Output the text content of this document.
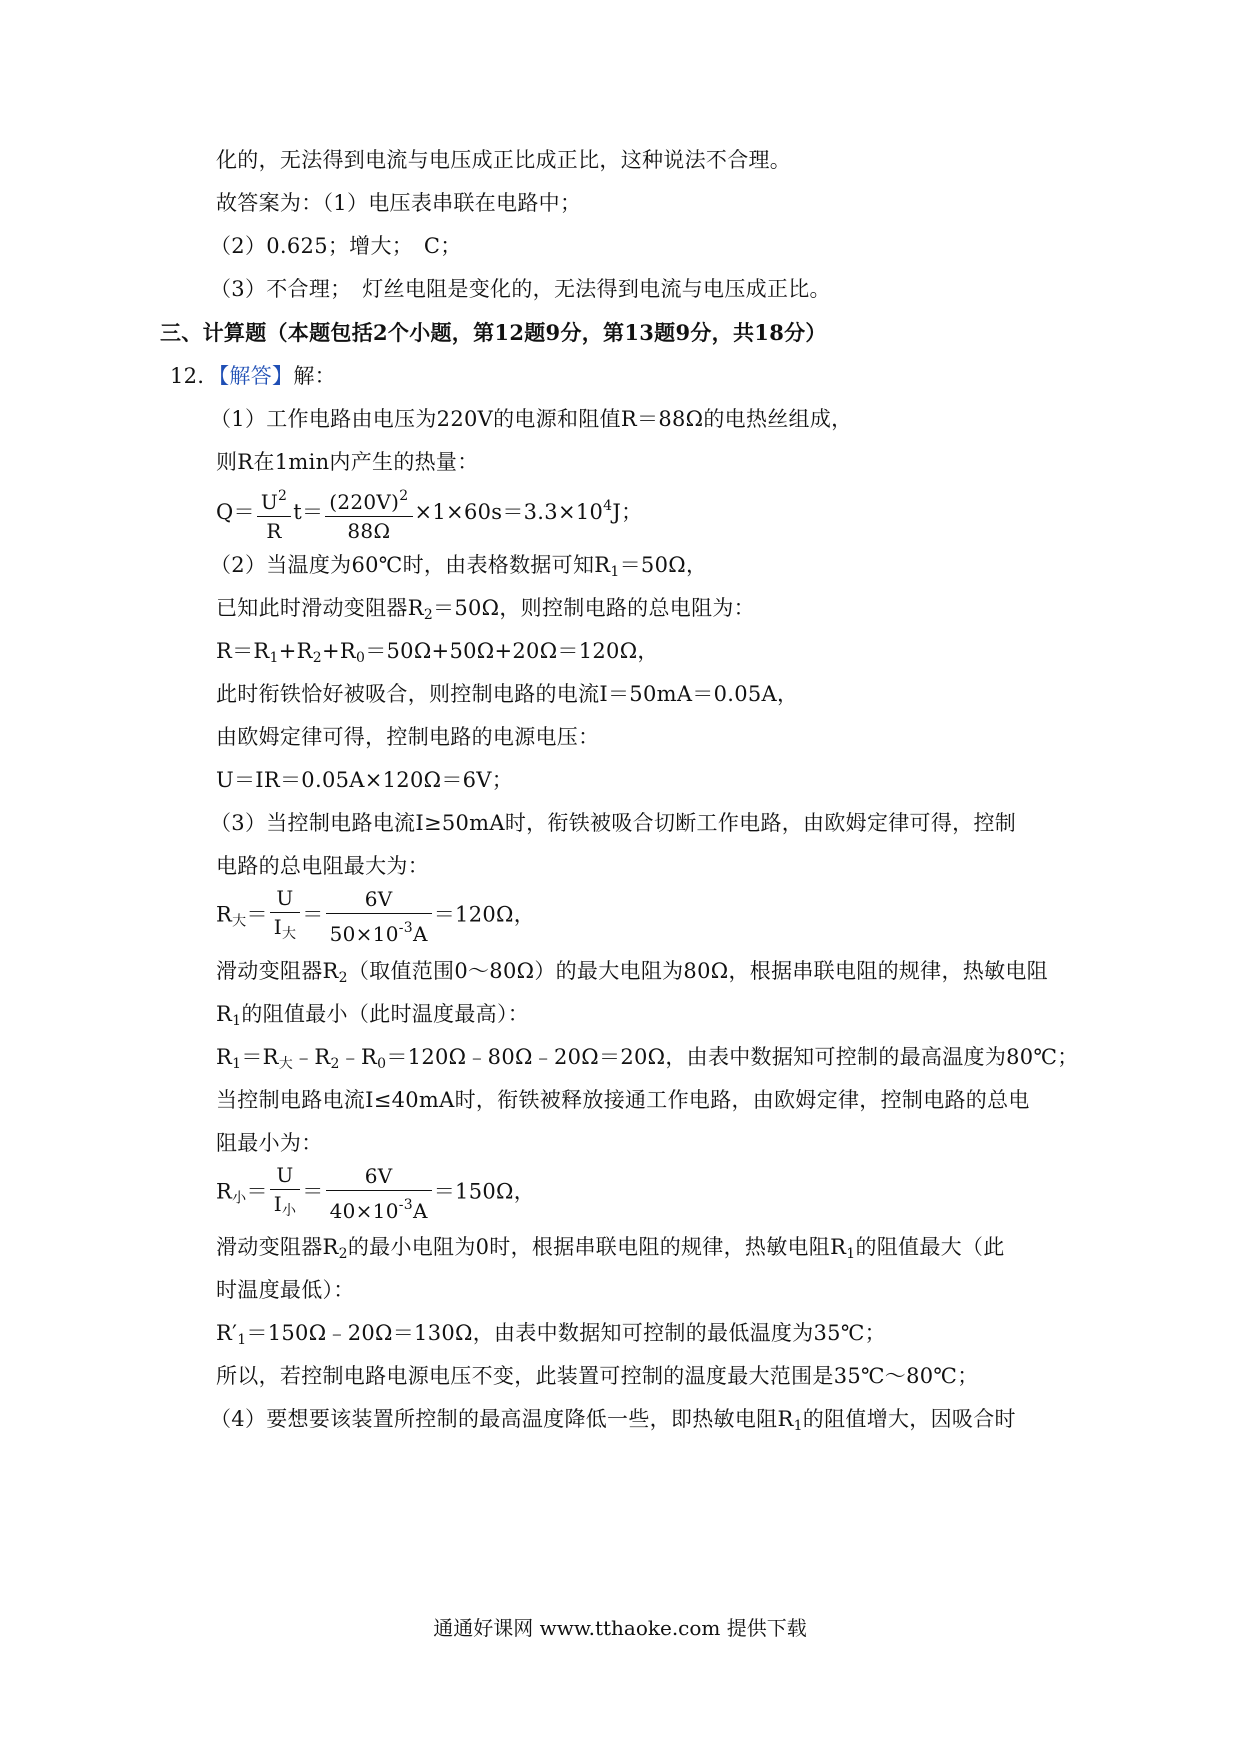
化的，无法得到电流与电压成正比成正比，这种说法不合理。
故答案为：（1）电压表串联在电路中；
（2）0.625；增大；　C；
（3）不合理；　灯丝电阻是变化的，无法得到电流与电压成正比。
三、计算题（本题包括2个小题，第12题9分，第13题9分，共18分）
12．【解答】解：
（1）工作电路由电压为220V的电源和阻值R＝88Ω的电热丝组成，
则R在1min内产生的热量：
$Q= \frac{U^2}{R} t= \frac{(220V)^2}{88\Omega} \times 1\times 60s=3.3\times 10^4J$；
（2）当温度为60℃时，由表格数据可知$R_1=50\Omega$，
已知此时滑动变阻器$R_2=50\Omega$，则控制电路的总电阻为：
$R=R_1+R_2+R_0=50\Omega+50\Omega+20\Omega=120\Omega$，
此时衔铁恰好被吸合，则控制电路的电流I＝50mA＝0.05A，
由欧姆定律可得，控制电路的电源电压：
U＝IR＝0.05A×120Ω＝6V；
（3）当控制电路电流I≥50mA时，衔铁被吸合切断工作电路，由欧姆定律可得，控制
电路的总电阻最大为：
$R_大= \frac{U}{I_大} = \frac{6V}{50\times 10^{-3}A} =120\Omega$，
滑动变阻器$R_2$（取值范围0～80Ω）的最大电阻为80Ω，根据串联电阻的规律，热敏电阻
$R_1$的阻值最小（此时温度最高）：
$R_1=R_大﹣R_2﹣R_0=120\Omega﹣80\Omega﹣20\Omega=20\Omega$，由表中数据知可控制的最高温度为80℃；
当控制电路电流I≤40mA时，衔铁被释放接通工作电路，由欧姆定律，控制电路的总电
阻最小为：
$R_小= \frac{U}{I_小} = \frac{6V}{40\times 10^{-3}A} =150\Omega$，
滑动变阻器$R_2$的最小电阻为0时，根据串联电阻的规律，热敏电阻$R_1$的阻值最大（此
时温度最低）：
$R'_1=150\Omega﹣20\Omega=130\Omega$，由表中数据知可控制的最低温度为35℃；
所以，若控制电路电源电压不变，此装置可控制的温度最大范围是35℃～80℃；
（4）要想要该装置所控制的最高温度降低一些，即热敏电阻$R_1$的阻值增大，因吸合时
通通好课网 www.tthaoke.com 提供下载
